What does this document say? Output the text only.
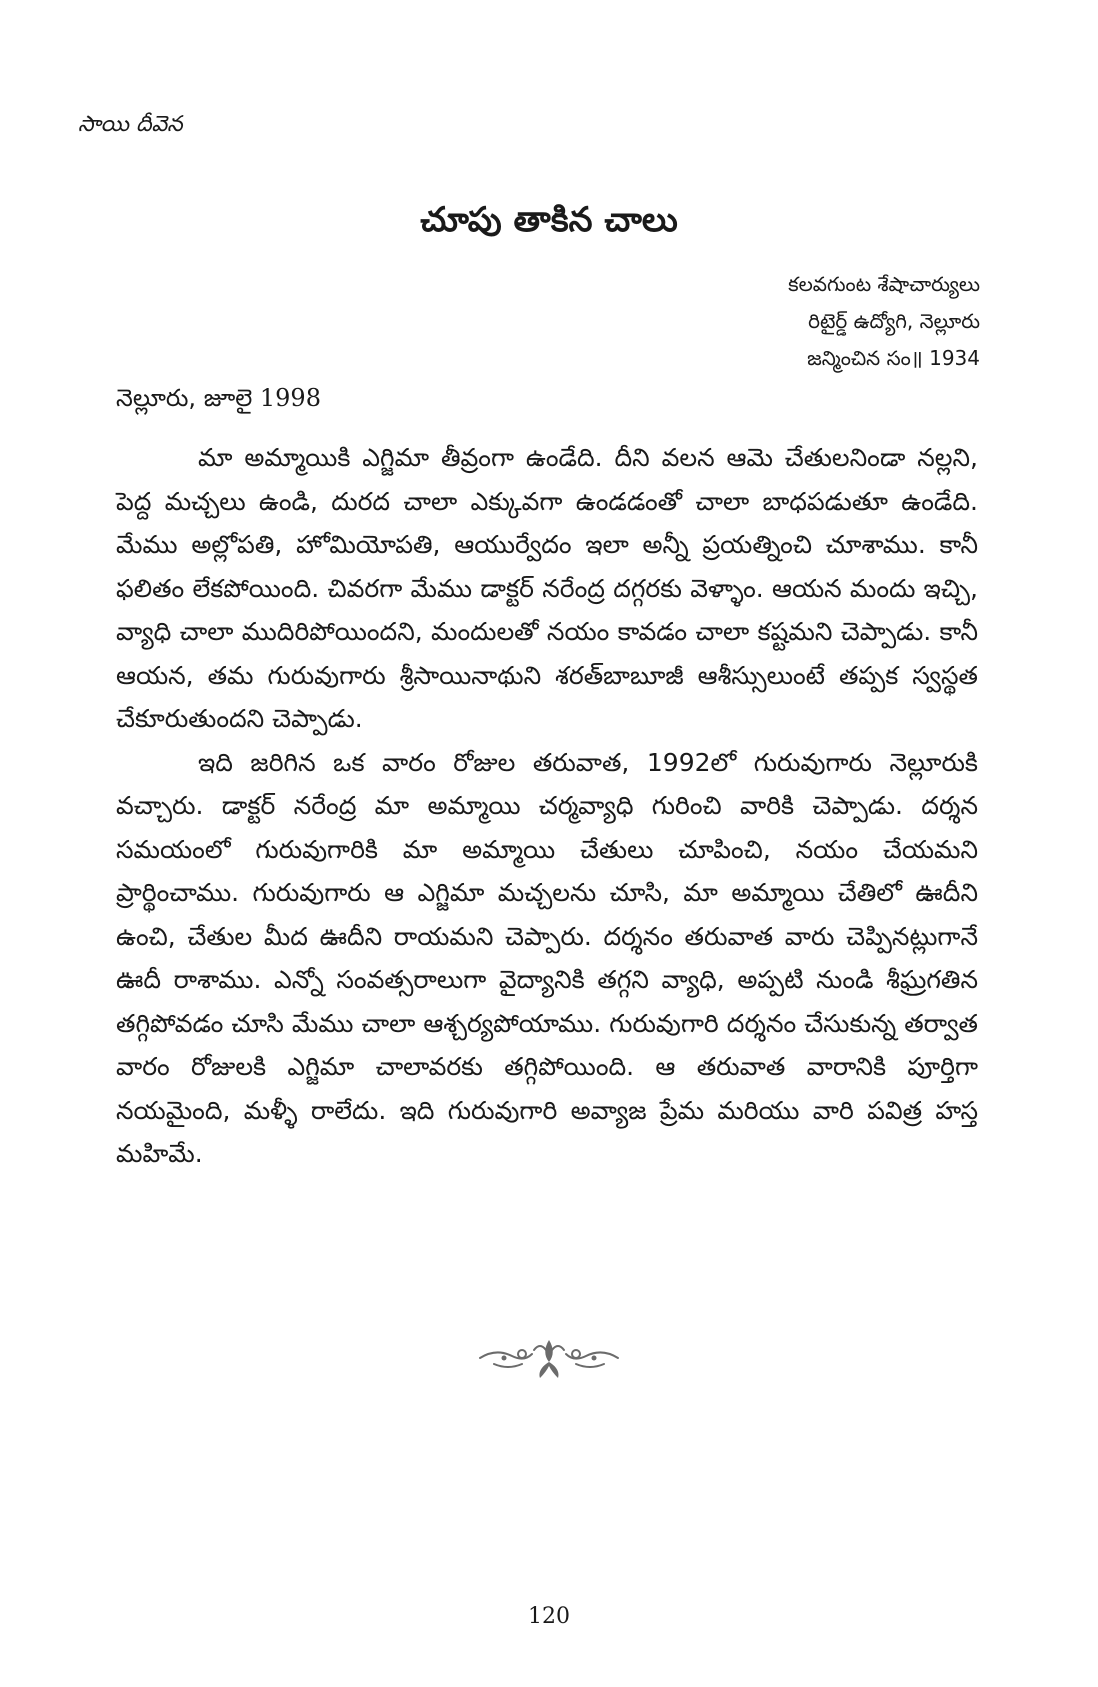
సాయి దీవెన
చూపు తాకిన చాలు
కలవగుంట శేషాచార్యులు
రిటైర్డ్ ఉద్యోగి, నెల్లూరు
జన్మించిన సం॥ 1934
నెల్లూరు, జూలై 1998

మా అమ్మాయికి ఎగ్జిమా తీవ్రంగా ఉండేది. దీని వలన ఆమె చేతులనిండా నల్లని, పెద్ద మచ్చలు ఉండి, దురద చాలా ఎక్కువగా ఉండడంతో చాలా బాధపడుతూ ఉండేది. మేము అల్లోపతి, హోమియోపతి, ఆయుర్వేదం ఇలా అన్నీ ప్రయత్నించి చూశాము. కానీ ఫలితం లేకపోయింది. చివరగా మేము డాక్టర్ నరేంద్ర దగ్గరకు వెళ్ళాం. ఆయన మందు ఇచ్చి, వ్యాధి చాలా ముదిరిపోయిందని, మందులతో నయం కావడం చాలా కష్టమని చెప్పాడు. కానీ ఆయన, తమ గురువుగారు శ్రీసాయినాథుని శరత్‌బాబూజీ ఆశీస్సులుంటే తప్పక స్వస్థత చేకూరుతుందని చెప్పాడు.

ఇది జరిగిన ఒక వారం రోజుల తరువాత, 1992లో గురువుగారు నెల్లూరుకి వచ్చారు. డాక్టర్ నరేంద్ర మా అమ్మాయి చర్మవ్యాధి గురించి వారికి చెప్పాడు. దర్శన సమయంలో గురువుగారికి మా అమ్మాయి చేతులు చూపించి, నయం చేయమని ప్రార్థించాము. గురువుగారు ఆ ఎగ్జిమా మచ్చలను చూసి, మా అమ్మాయి చేతిలో ఊదీని ఉంచి, చేతుల మీద ఊదీని రాయమని చెప్పారు. దర్శనం తరువాత వారు చెప్పినట్లుగానే ఊదీ రాశాము. ఎన్నో సంవత్సరాలుగా వైద్యానికి తగ్గని వ్యాధి, అప్పటి నుండి శీఘ్రగతిన తగ్గిపోవడం చూసి మేము చాలా ఆశ్చర్యపోయాము. గురువుగారి దర్శనం చేసుకున్న తర్వాత వారం రోజులకి ఎగ్జిమా చాలావరకు తగ్గిపోయింది. ఆ తరువాత వారానికి పూర్తిగా నయమైంది, మళ్ళీ రాలేదు. ఇది గురువుగారి అవ్యాజ ప్రేమ మరియు వారి పవిత్ర హస్త మహిమే.

120
